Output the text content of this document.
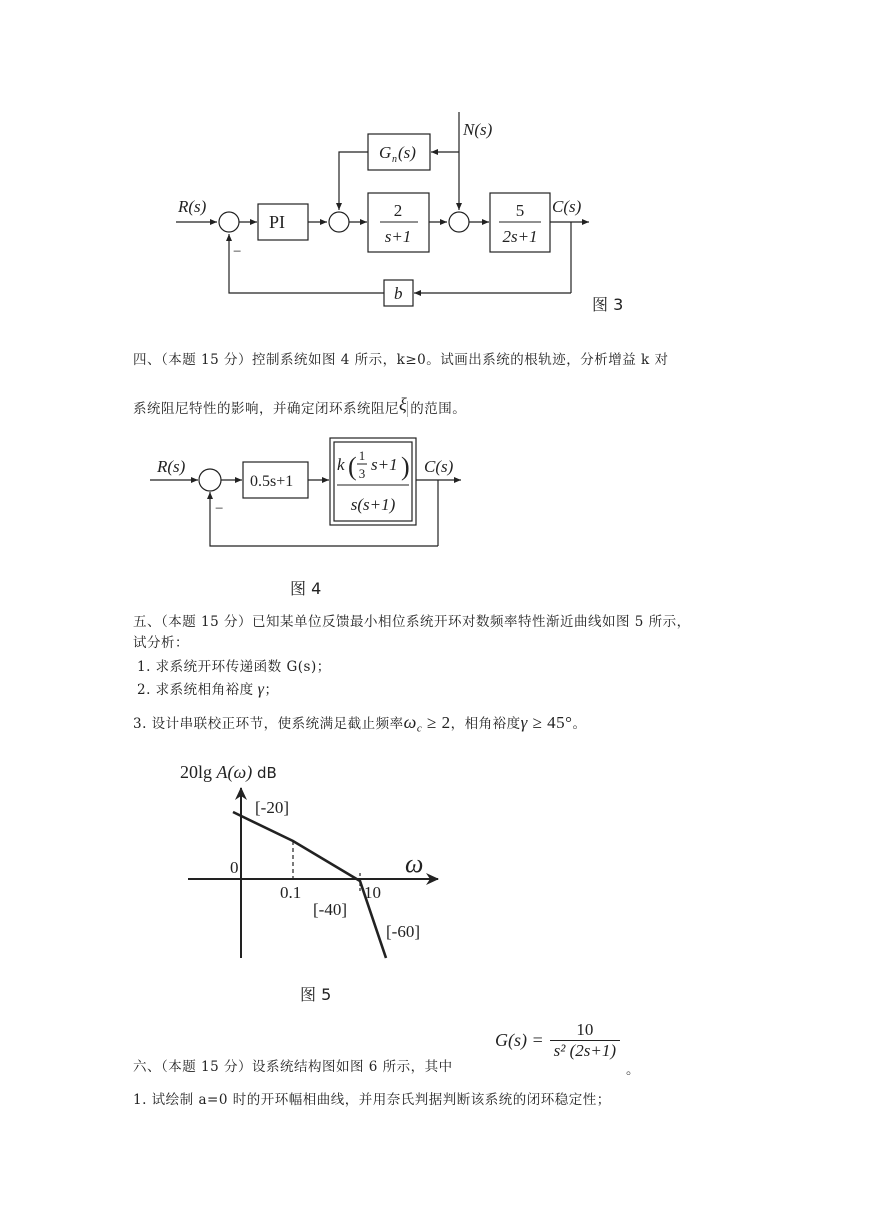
R(s)
N(s)
C(s)
PI
G n (s)
2
s+1
5
2s+1
b
−
图 3
四、（本题 15 分）控制系统如图 4 所示，k≥0。试画出系统的根轨迹，分析增益 k 对
系统阻尼特性的影响，并确定闭环系统阻尼ξ 的范围。
R(s)	C(s)
0.5s+1
k ( 1
3 s+1 )
s(s+1)
−
图 4
五、（本题 15 分）已知某单位反馈最小相位系统开环对数频率特性渐近曲线如图 5 所示，
试分析：
1. 求系统开环传递函数 G(s)；
2. 求系统相角裕度 γ；
3. 设计串联校正环节，使系统满足截止频率$\omega_c \ge 2$，相角裕度γ ≥ 45°。
20lg A(ω) dB
ω
0
0.1	10
[-20]
[-40]
[-60]
图 5
六、（本题 15 分）设系统结构图如图 6 所示，其中
$G(s) = \frac{10}{\text{s² (2s+1)}}$
。
1. 试绘制 a=0 时的开环幅相曲线，并用奈氏判据判断该系统的闭环稳定性；
